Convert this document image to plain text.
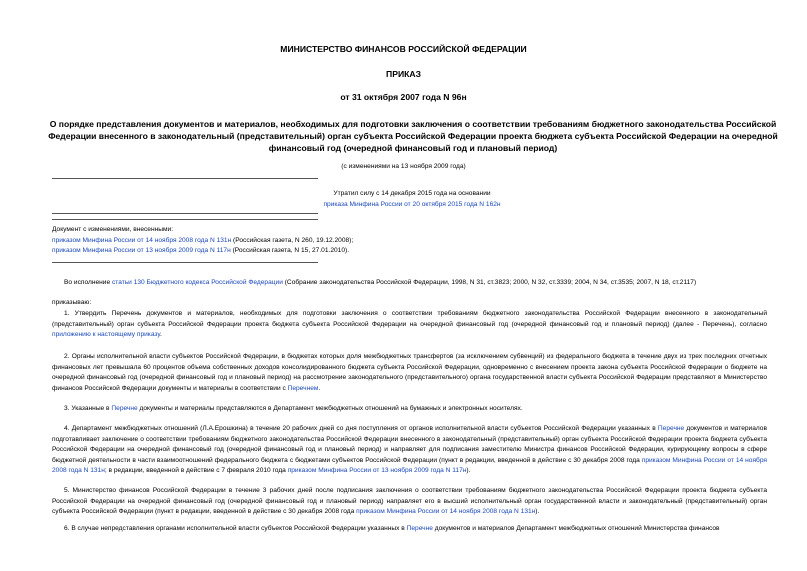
МИНИСТЕРСТВО ФИНАНСОВ РОССИЙСКОЙ ФЕДЕРАЦИИ
ПРИКАЗ
от 31 октября 2007 года N 96н
О порядке представления документов и материалов, необходимых для подготовки заключения о соответствии требованиям бюджетного законодательства Российской Федерации внесенного в законодательный (представительный) орган субъекта Российской Федерации проекта бюджета субъекта Российской Федерации на очередной финансовый год (очередной финансовый год и плановый период)
(с изменениями на 13 ноября 2009 года)
Утратил силу с 14 декабря 2015 года на основании
приказа Минфина России от 20 октября 2015 года N 162н
Документ с изменениями, внесенными:
приказом Минфина России от 14 ноября 2008 года N 131н (Российская газета, N 260, 19.12.2008);
приказом Минфина России от 13 ноября 2009 года N 117н (Российская газета, N 15, 27.01.2010).
Во исполнение статьи 130 Бюджетного кодекса Российской Федерации (Собрание законодательства Российской Федерации, 1998, N 31, ст.3823; 2000, N 32, ст.3339; 2004, N 34, ст.3535; 2007, N 18, ст.2117)
приказываю:
1. Утвердить Перечень документов и материалов, необходимых для подготовки заключения о соответствии требованиям бюджетного законодательства Российской Федерации внесенного в законодательный (представительный) орган субъекта Российской Федерации проекта бюджета субъекта Российской Федерации на очередной финансовый год (очередной финансовый год и плановый период) (далее - Перечень), согласно приложению к настоящему приказу.
2. Органы исполнительной власти субъектов Российской Федерации, в бюджетах которых доля межбюджетных трансфертов (за исключением субвенций) из федерального бюджета в течение двух из трех последних отчетных финансовых лет превышала 60 процентов объема собственных доходов консолидированного бюджета субъекта Российской Федерации, одновременно с внесением проекта закона субъекта Российской Федерации о бюджете на очередной финансовый год (очередной финансовый год и плановый период) на рассмотрение законодательного (представительного) органа государственной власти субъекта Российской Федерации представляют в Министерство финансов Российской Федерации документы и материалы в соответствии с Перечнем.
3. Указанные в Перечне документы и материалы представляются в Департамент межбюджетных отношений на бумажных и электронных носителях.
4. Департамент межбюджетных отношений (Л.А.Ерошкина) в течение 20 рабочих дней со дня поступления от органов исполнительной власти субъектов Российской Федерации указанных в Перечне документов и материалов подготавливает заключение о соответствии требованиям бюджетного законодательства Российской Федерации внесенного в законодательный (представительный) орган субъекта Российской Федерации проекта бюджета субъекта Российской Федерации на очередной финансовый год (очередной финансовый год и плановый период) и направляет для подписания заместителю Министра финансов Российской Федерации, курирующему вопросы в сфере бюджетной деятельности в части взаимоотношений федерального бюджета с бюджетами субъектов Российской Федерации (пункт в редакции, введенной в действие с 30 декабря 2008 года приказом Минфина России от 14 ноября 2008 года N 131н; в редакции, введенной в действие с 7 февраля 2010 года приказом Минфина России от 13 ноября 2009 года N 117н).
5. Министерство финансов Российской Федерации в течение 3 рабочих дней после подписания заключения о соответствии требованиям бюджетного законодательства Российской Федерации проекта бюджета субъекта Российской Федерации на очередной финансовый год (очередной финансовый год и плановый период) направляет его в высший исполнительный орган государственной власти и законодательный (представительный) орган субъекта Российской Федерации (пункт в редакции, введенной в действие с 30 декабря 2008 года приказом Минфина России от 14 ноября 2008 года N 131н).
6. В случае непредставления органами исполнительной власти субъектов Российской Федерации указанных в Перечне документов и материалов Департамент межбюджетных отношений Министерства финансов
